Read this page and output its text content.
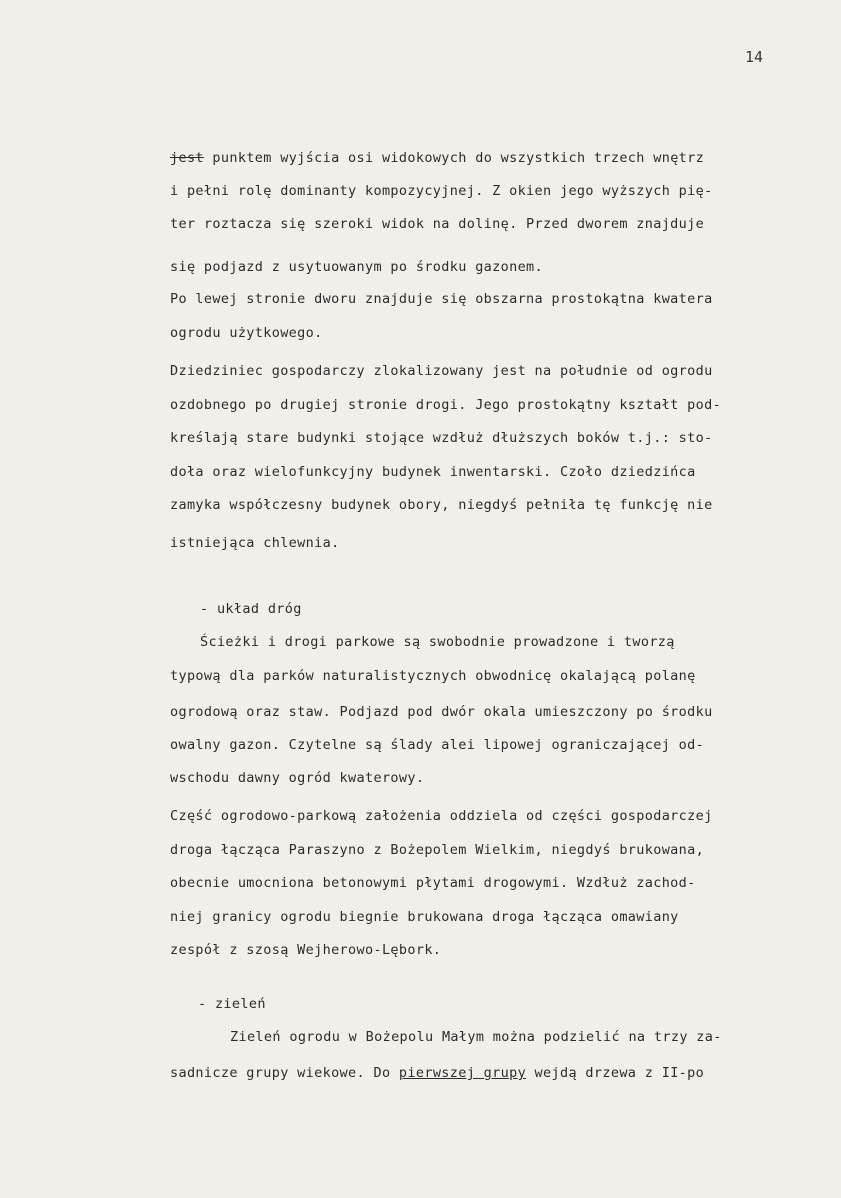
14
jest punktem wyjścia osi widokowych do wszystkich trzech wnętrz
i pełni rolę dominanty kompozycyjnej. Z okien jego wyższych pię-
ter roztacza się szeroki widok na dolinę. Przed dworem znajduje
się podjazd z usytuowanym po środku gazonem.
Po lewej stronie dworu znajduje się obszarna prostokątna kwatera
ogrodu użytkowego.
Dziedziniec gospodarczy zlokalizowany jest na południe od ogrodu
ozdobnego po drugiej stronie drogi. Jego prostokątny kształt pod-
kreślają stare budynki stojące wzdłuż dłuższych boków t.j.: sto-
doła oraz wielofunkcyjny budynek inwentarski. Czoło dziedzińca
zamyka współczesny budynek obory, niegdyś pełniła tę funkcję nie
istniejąca chlewnia.
- układ dróg
Ścieżki i drogi parkowe są swobodnie prowadzone i tworzą
typową dla parków naturalistycznych obwodnicę okalającą polanę
ogrodową oraz staw. Podjazd pod dwór okala umieszczony po środku
owalny gazon. Czytelne są ślady alei lipowej ograniczającej od-
wschodu dawny ogród kwaterowy.
Część ogrodowo-parkową założenia oddziela od części gospodarczej
droga łącząca Paraszyno z Bożepolem Wielkim, niegdyś brukowana,
obecnie umocniona betonowymi płytami drogowymi. Wzdłuż zachod-
niej granicy ogrodu biegnie brukowana droga łącząca omawiany
zespół z szosą Wejherowo-Lębork.
- zieleń
Zieleń ogrodu w Bożepolu Małym można podzielić na trzy za-
sadnicze grupy wiekowe. Do pierwszej grupy wejdą drzewa z II-po
